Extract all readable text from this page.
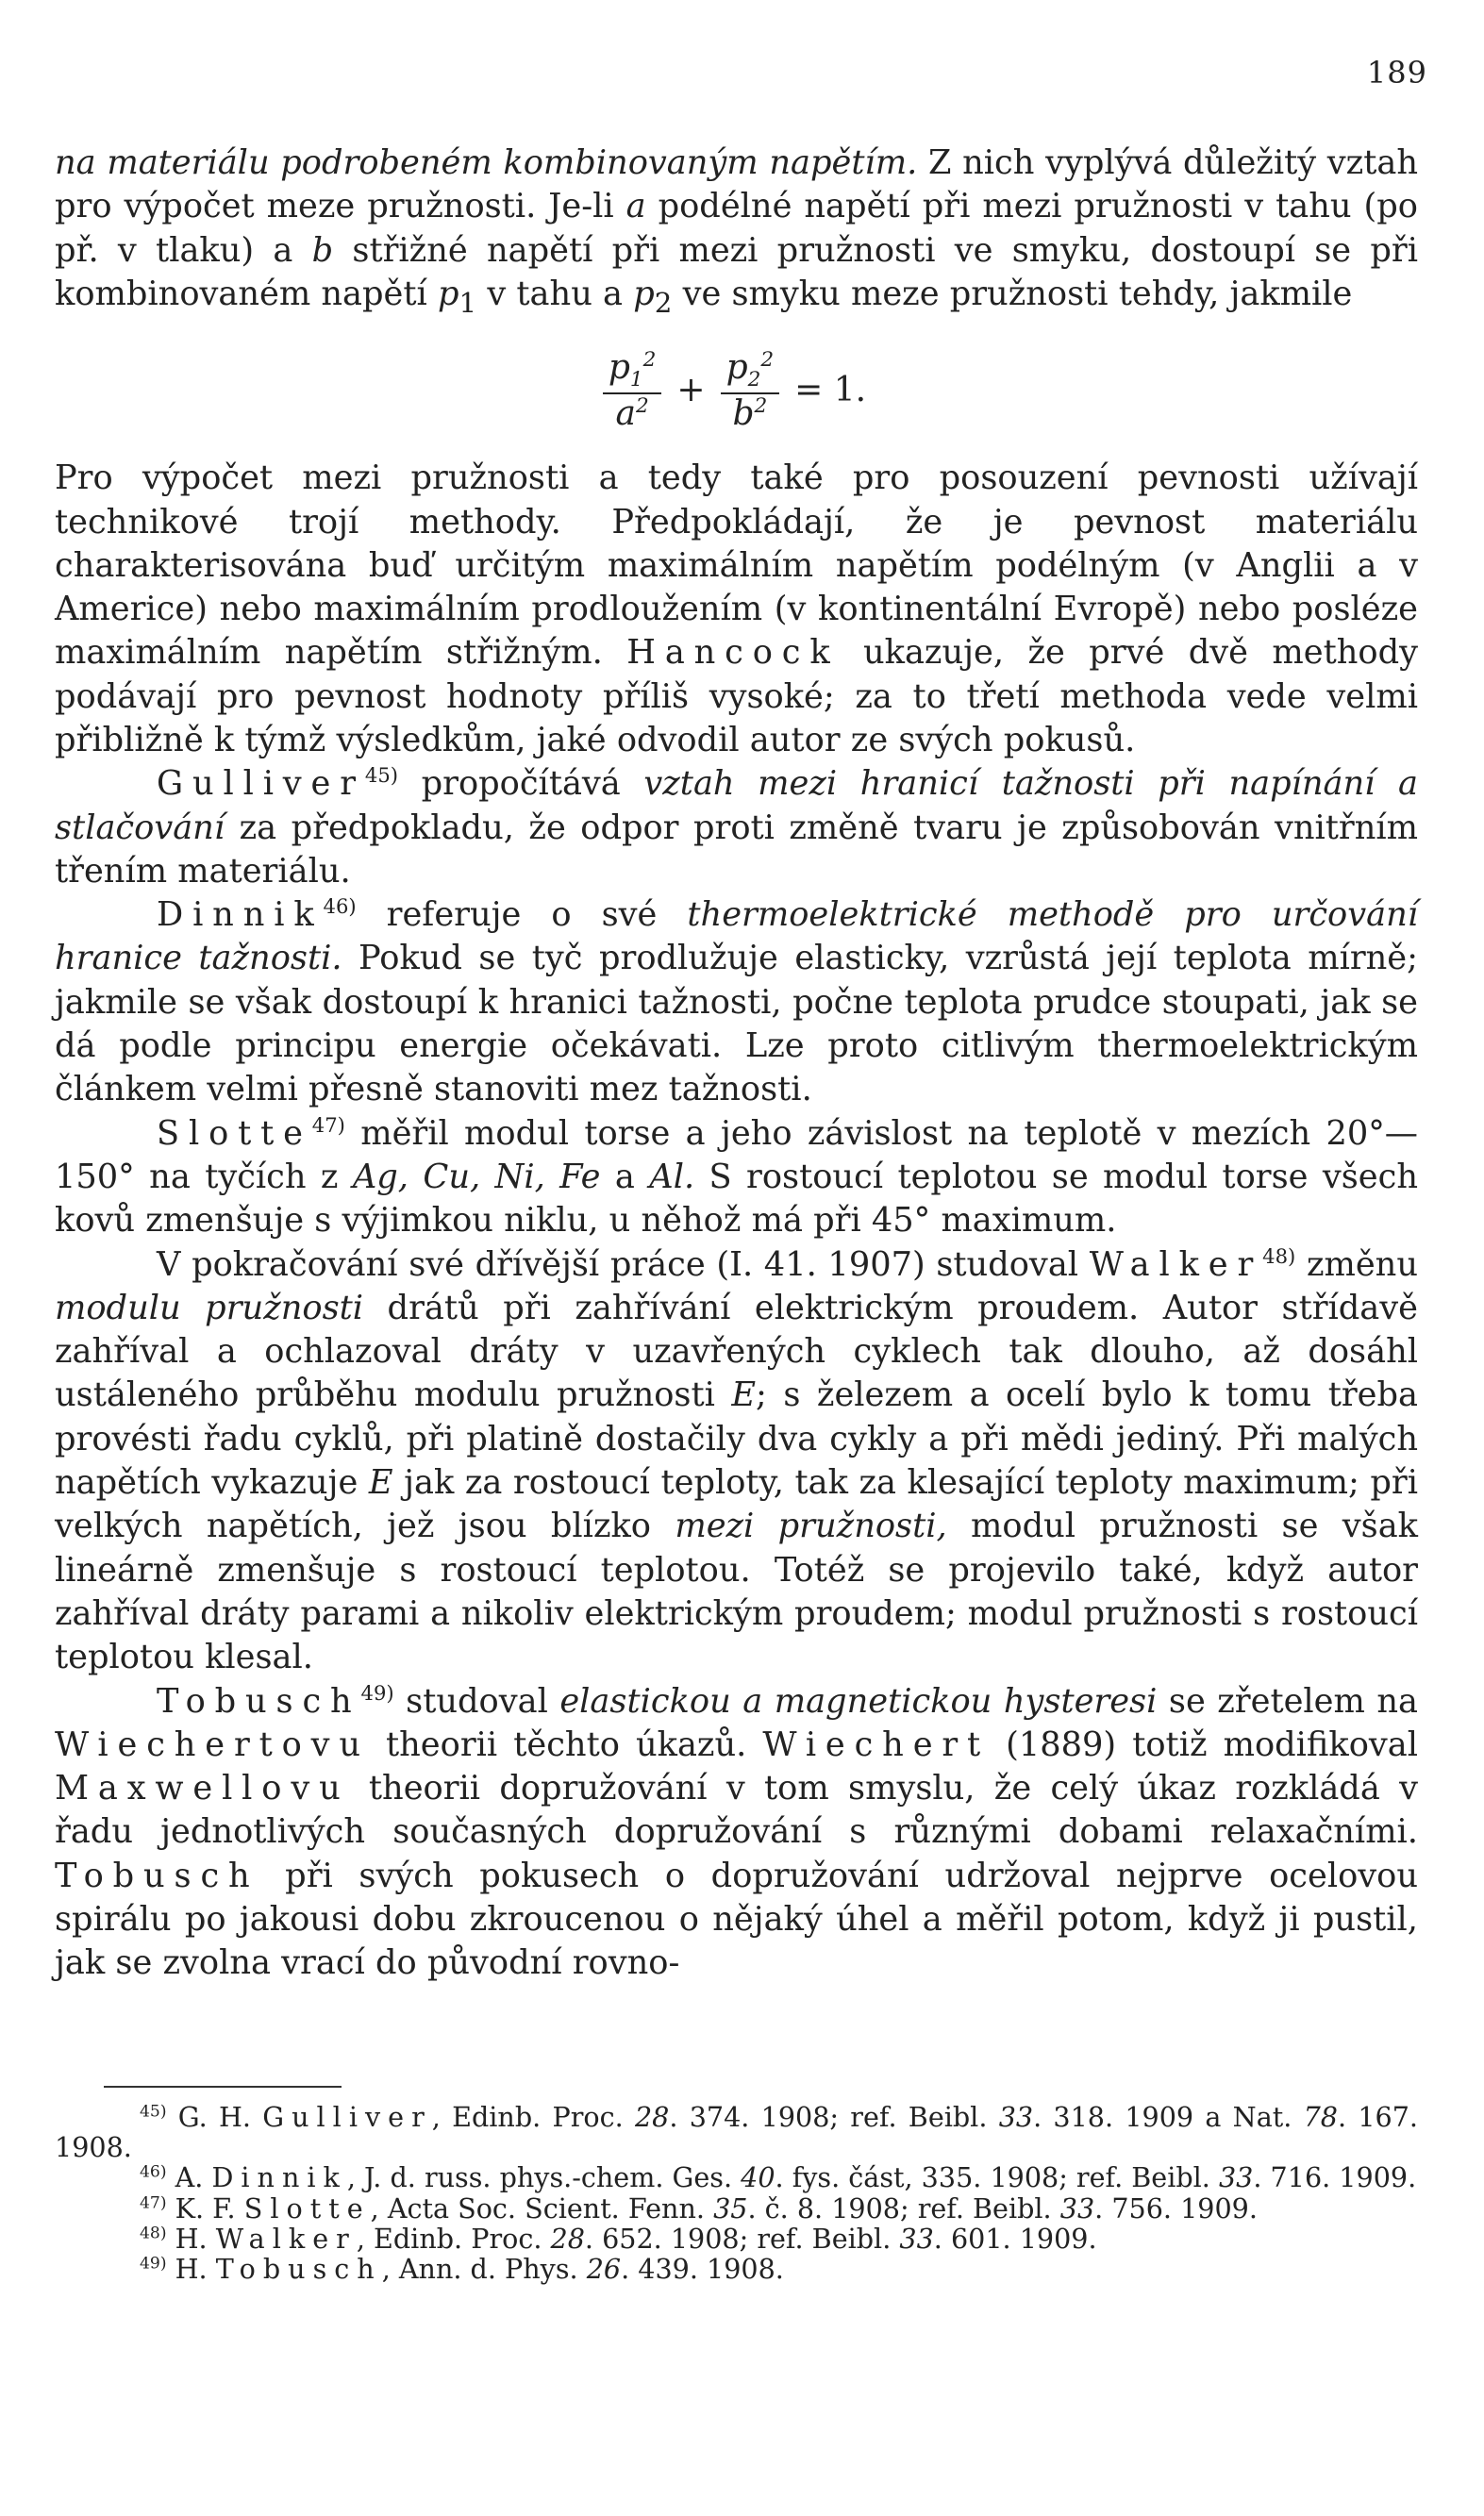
189

na materiálu podrobeném kombinovaným napětím. Z nich vyplývá důležitý vztah pro výpočet meze pružnosti. Je-li a podélné napětí při mezi pružnosti v tahu (po př. v tlaku) a b střižné napětí při mezi pružnosti ve smyku, dostoupí se při kombinovaném napětí $p_1$ v tahu a $p_2$ ve smyku meze pružnosti tehdy, jakmile

$\frac{p_1^2}{a^2} + \frac{p_2^2}{b^2} = 1$.

Pro výpočet mezi pružnosti a tedy také pro posouzení pevnosti užívají technikové trojí methody. Předpokládají, že je pevnost materiálu charakterisována buď určitým maximálním napětím podélným (v Anglii a v Americe) nebo maximálním prodloužením (v kontinentální Evropě) nebo posléze maximálním napětím střižným. Hancock ukazuje, že prvé dvě methody podávají pro pevnost hodnoty příliš vysoké; za to třetí methoda vede velmi přibližně k týmž výsledkům, jaké odvodil autor ze svých pokusů.

Gulliver$^{45)}$ propočítává vztah mezi hranicí tažnosti při napínání a stlačování za předpokladu, že odpor proti změně tvaru je způsobován vnitřním třením materiálu.

Dinnik$^{46)}$ referuje o své thermoelektrické methodě pro určování hranice tažnosti. Pokud se tyč prodlužuje elasticky, vzrůstá její teplota mírně; jakmile se však dostoupí k hranici tažnosti, počne teplota prudce stoupati, jak se dá podle principu energie očekávati. Lze proto citlivým thermoelektrickým článkem velmi přesně stanoviti mez tažnosti.

Slotte$^{47)}$ měřil modul torse a jeho závislost na teplotě v mezích 20°—150° na tyčích z Ag, Cu, Ni, Fe a Al. S rostoucí teplotou se modul torse všech kovů zmenšuje s výjimkou niklu, u něhož má při 45° maximum.

V pokračování své dřívější práce (I. 41. 1907) studoval Walker$^{48)}$ změnu modulu pružnosti drátů při zahřívání elektrickým proudem. Autor střídavě zahříval a ochlazoval dráty v uzavřených cyklech tak dlouho, až dosáhl ustáleného průběhu modulu pružnosti E; s železem a ocelí bylo k tomu třeba provésti řadu cyklů, při platině dostačily dva cykly a při mědi jediný. Při malých napětích vykazuje E jak za rostoucí teploty, tak za klesající teploty maximum; při velkých napětích, jež jsou blízko mezi pružnosti, modul pružnosti se však lineárně zmenšuje s rostoucí teplotou. Totéž se projevilo také, když autor zahříval dráty parami a nikoliv elektrickým proudem; modul pružnosti s rostoucí teplotou klesal.

Tobusch$^{49)}$ studoval elastickou a magnetickou hysteresi se zřetelem na Wiechertovu theorii těchto úkazů. Wiechert (1889) totiž modifikoval Maxwellovu theorii dopružování v tom smyslu, že celý úkaz rozkládá v řadu jednotlivých současných dopružování s různými dobami relaxačními. Tobusch při svých pokusech o dopružování udržoval nejprve ocelovou spirálu po jakousi dobu zkroucenou o nějaký úhel a měřil potom, když ji pustil, jak se zvolna vrací do původní rovno-

$^{45)}$ G. H. Gulliver, Edinb. Proc. 28. 374. 1908; ref. Beibl. 33. 318. 1909 a Nat. 78. 167. 1908.

$^{46)}$ A. Dinnik, J. d. russ. phys.-chem. Ges. 40. fys. část, 335. 1908; ref. Beibl. 33. 716. 1909.

$^{47)}$ K. F. Slotte, Acta Soc. Scient. Fenn. 35. č. 8. 1908; ref. Beibl. 33. 756. 1909.

$^{48)}$ H. Walker, Edinb. Proc. 28. 652. 1908; ref. Beibl. 33. 601. 1909.

$^{49)}$ H. Tobusch, Ann. d. Phys. 26. 439. 1908.
